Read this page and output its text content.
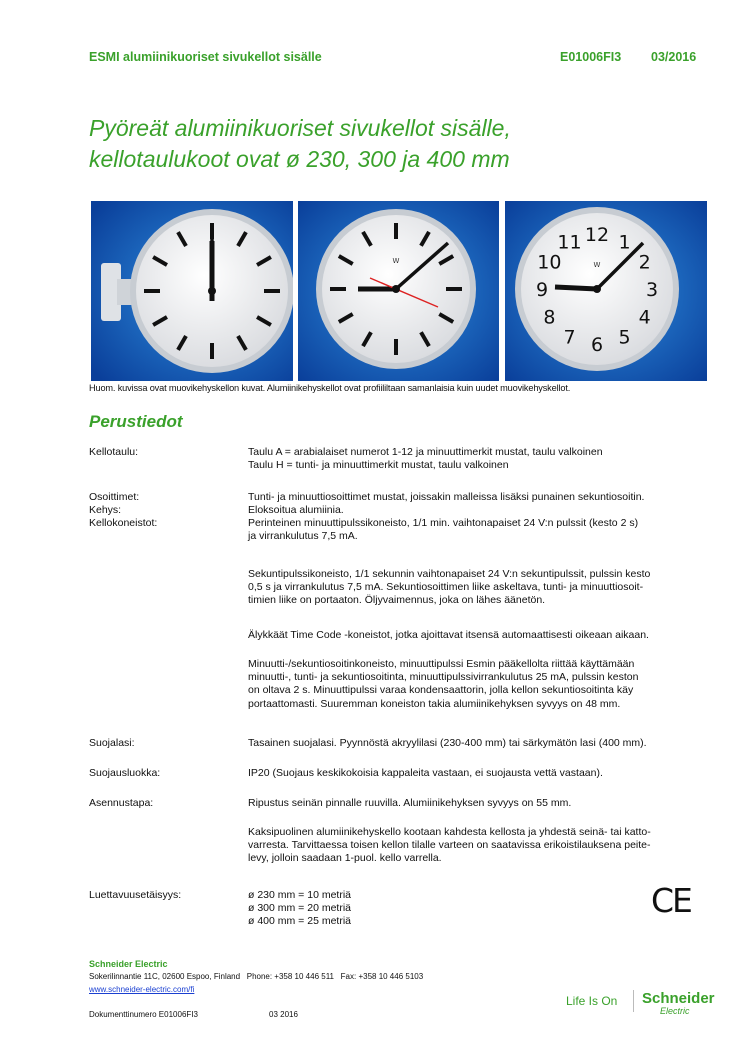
ESMI alumiinikuoriset sivukellot sisälle	E01006FI3 03/2016
Pyöreät alumiinikuoriset sivukellot sisälle,
kellotaulukoot ovat ø 230, 300 ja 400 mm
W
12 1
2
3
4
5
6
7
8
9
10
11
W
Huom. kuvissa ovat muovikehyskellon kuvat. Alumiinikehyskellot ovat profiililtaan samanlaisia kuin uudet muovikehyskellot.
Perustiedot
Kellotaulu:	Taulu A = arabialaiset numerot 1-12 ja minuuttimerkit mustat, taulu valkoinen
Taulu H = tunti- ja minuuttimerkit mustat, taulu valkoinen
Osoittimet:	Tunti- ja minuuttiosoittimet mustat, joissakin malleissa lisäksi punainen sekuntiosoitin.
Kehys:	Eloksoitua alumiinia.
Kellokoneistot:	Perinteinen minuuttipulssikoneisto, 1/1 min. vaihtonapaiset 24 V:n pulssit (kesto 2 s)
ja virrankulutus 7,5 mA.
Sekuntipulssikoneisto, 1/1 sekunnin vaihtonapaiset 24 V:n sekuntipulssit, pulssin kesto
0,5 s ja virrankulutus 7,5 mA. Sekuntiosoittimen liike askeltava, tunti- ja minuuttiosoit-
timien liike on portaaton. Öljyvaimennus, joka on lähes äänetön.
Älykkäät Time Code -koneistot, jotka ajoittavat itsensä automaattisesti oikeaan aikaan.
Minuutti-/sekuntiosoitinkoneisto, minuuttipulssi Esmin pääkellolta riittää käyttämään
minuutti-, tunti- ja sekuntiosoitinta, minuuttipulssivirrankulutus 25 mA, pulssin keston
on oltava 2 s. Minuuttipulssi varaa kondensaattorin, jolla kellon sekuntiosoitinta käy
portaattomasti. Suuremman koneiston takia alumiinikehyksen syvyys on 48 mm.
Suojalasi:	Tasainen suojalasi. Pyynnöstä akryylilasi (230-400 mm) tai särkymätön lasi (400 mm).
Suojausluokka:	IP20 (Suojaus keskikokoisia kappaleita vastaan, ei suojausta vettä vastaan).
Asennustapa:	Ripustus seinän pinnalle ruuvilla. Alumiinikehyksen syvyys on 55 mm.
Kaksipuolinen alumiinikehyskello kootaan kahdesta kellosta ja yhdestä seinä- tai katto-
varresta. Tarvittaessa toisen kellon tilalle varteen on saatavissa erikoistilauksena peite-
levy, jolloin saadaan 1-puol. kello varrella.
Luettavuusetäisyys:	ø 230 mm = 10 metriä
ø 300 mm = 20 metriä
ø 400 mm = 25 metriä
CE
Schneider Electric
Sokerilinnantie 11C, 02600 Espoo, Finland   Phone: +358 10 446 511   Fax: +358 10 446 5103
www.schneider-electric.com/fi
Dokumenttinumero E01006FI3	03 2016
Life Is On Schneider
Electric
